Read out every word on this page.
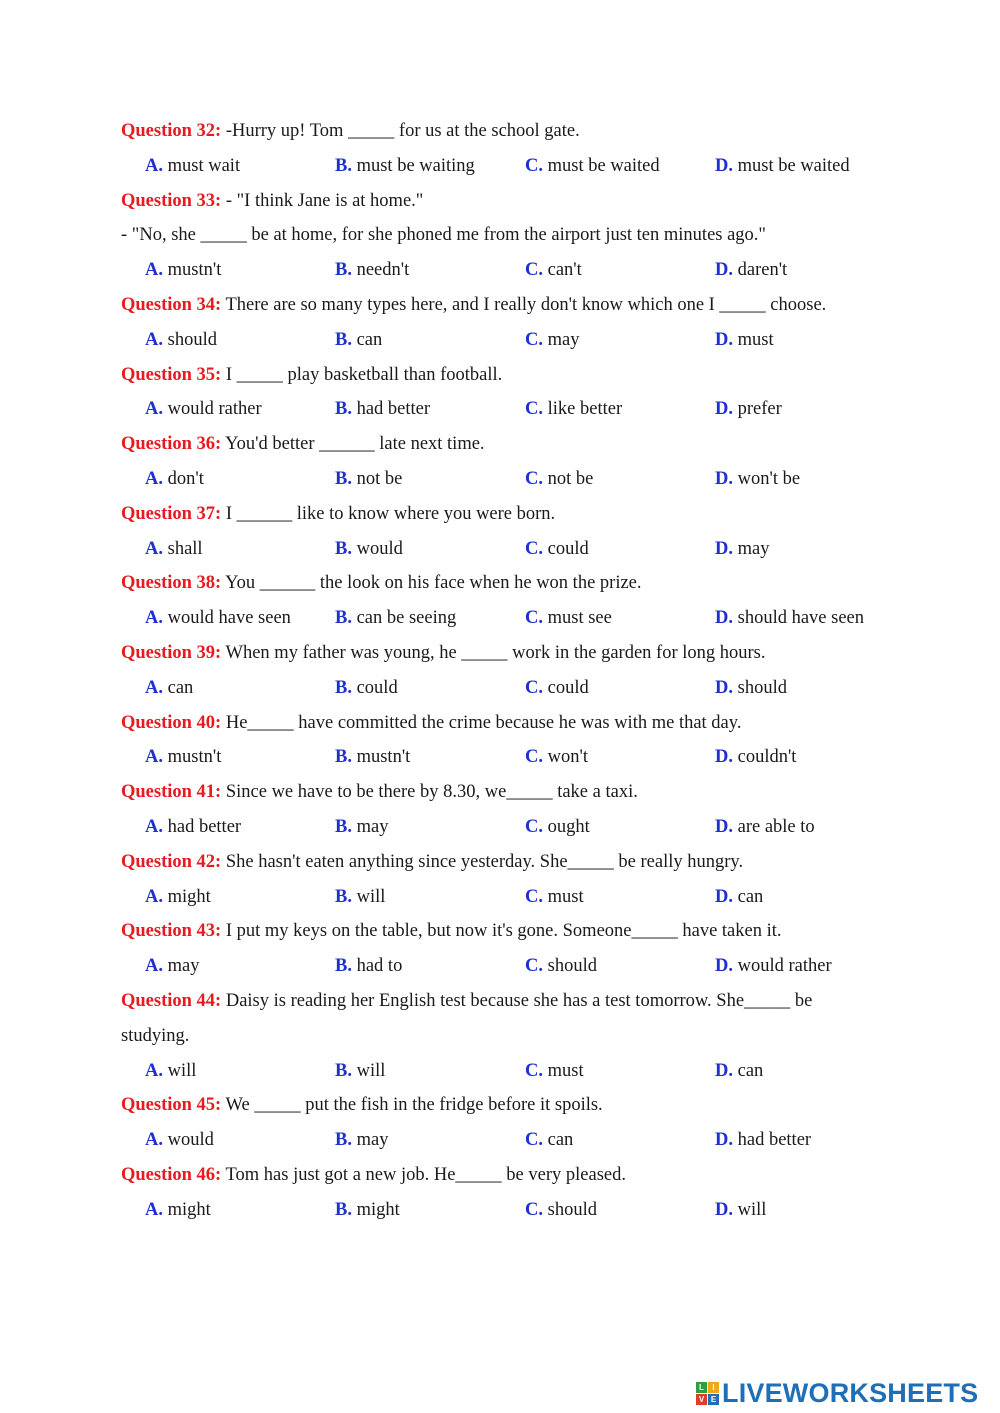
Question 32: -Hurry up! Tom _____ for us at the school gate.
A. must wait	B. must be waiting	C. must be waited	D. must be waited
Question 33: - "I think Jane is at home."
- "No, she _____ be at home, for she phoned me from the airport just ten minutes ago."
A. mustn't	B. needn't	C. can't	D. daren't
Question 34: There are so many types here, and I really don't know which one I _____ choose.
A. should	B. can	C. may	D. must
Question 35: I _____ play basketball than football.
A. would rather	B. had better	C. like better	D. prefer
Question 36: You'd better ______ late next time.
A. don't	B. not be	C. not be	D. won't be
Question 37: I ______ like to know where you were born.
A. shall	B. would	C. could	D. may
Question 38: You ______ the look on his face when he won the prize.
A. would have seen B. can be seeing	C. must see	D. should have seen
Question 39: When my father was young, he _____ work in the garden for long hours.
A. can	B. could	C. could	D. should
Question 40: He_____ have committed the crime because he was with me that day.
A. mustn't	B. mustn't	C. won't	D. couldn't
Question 41: Since we have to be there by 8.30, we_____ take a taxi.
A. had better	B. may	C. ought	D. are able to
Question 42: She hasn't eaten anything since yesterday. She_____ be really hungry.
A. might	B. will	C. must	D. can
Question 43: I put my keys on the table, but now it's gone. Someone_____ have taken it.
A. may	B. had to	C. should	D. would rather
Question 44: Daisy is reading her English test because she has a test tomorrow. She_____ be
studying.
A. will	B. will	C. must	D. can
Question 45: We _____ put the fish in the fridge before it spoils.
A. would	B. may	C. can	D. had better
Question 46: Tom has just got a new job. He_____ be very pleased.
A. might	B. might	C. should	D. will
L	I
V E LIVEWORKSHEETS
